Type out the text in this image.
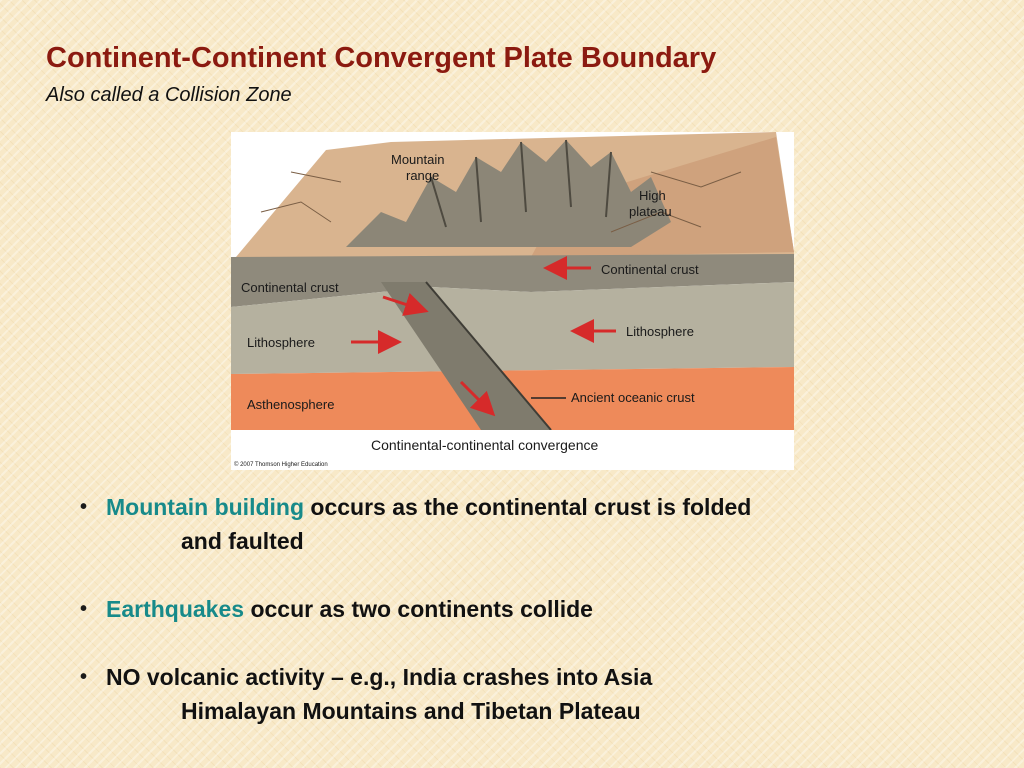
Continent-Continent Convergent Plate Boundary
Also called a Collision Zone
Mountain
range
High
plateau
Continental crust
Continental crust
Lithosphere
Lithosphere
Asthenosphere	Ancient oceanic crust
Continental-continental convergence
© 2007 Thomson Higher Education
• Mountain building occurs as the continental crust is folded
and faulted
• Earthquakes occur as two continents collide
• NO volcanic activity – e.g., India crashes into Asia
Himalayan Mountains and Tibetan Plateau
